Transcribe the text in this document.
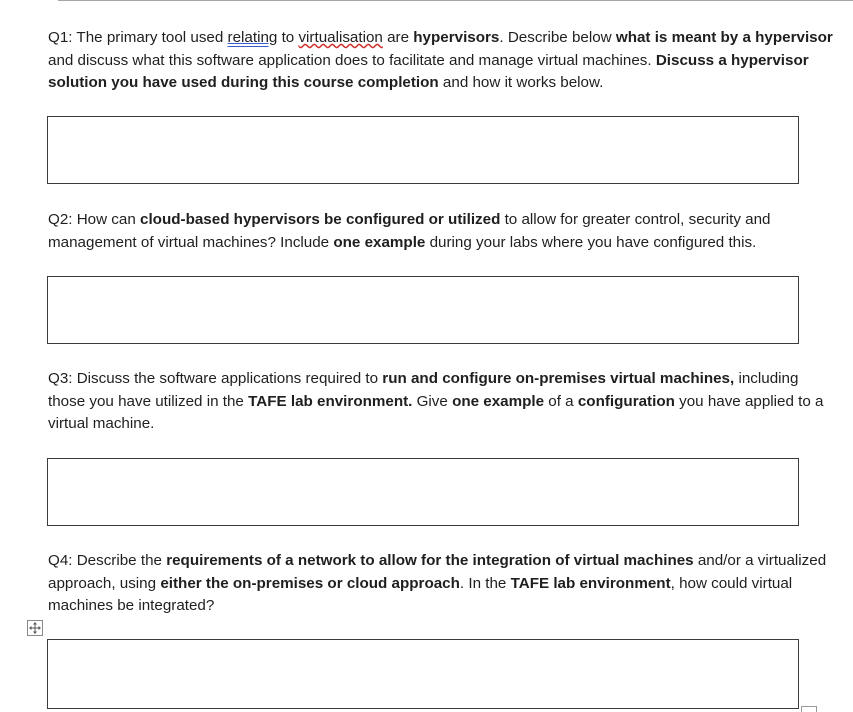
Q1: The primary tool used relating to virtualisation are hypervisors. Describe below what is meant by a hypervisor and discuss what this software application does to facilitate and manage virtual machines. Discuss a hypervisor solution you have used during this course completion and how it works below.

Q2: How can cloud-based hypervisors be configured or utilized to allow for greater control, security and management of virtual machines? Include one example during your labs where you have configured this.

Q3: Discuss the software applications required to run and configure on-premises virtual machines, including those you have utilized in the TAFE lab environment. Give one example of a configuration you have applied to a virtual machine.

Q4: Describe the requirements of a network to allow for the integration of virtual machines and/or a virtualized approach, using either the on-premises or cloud approach. In the TAFE lab environment, how could virtual machines be integrated?
